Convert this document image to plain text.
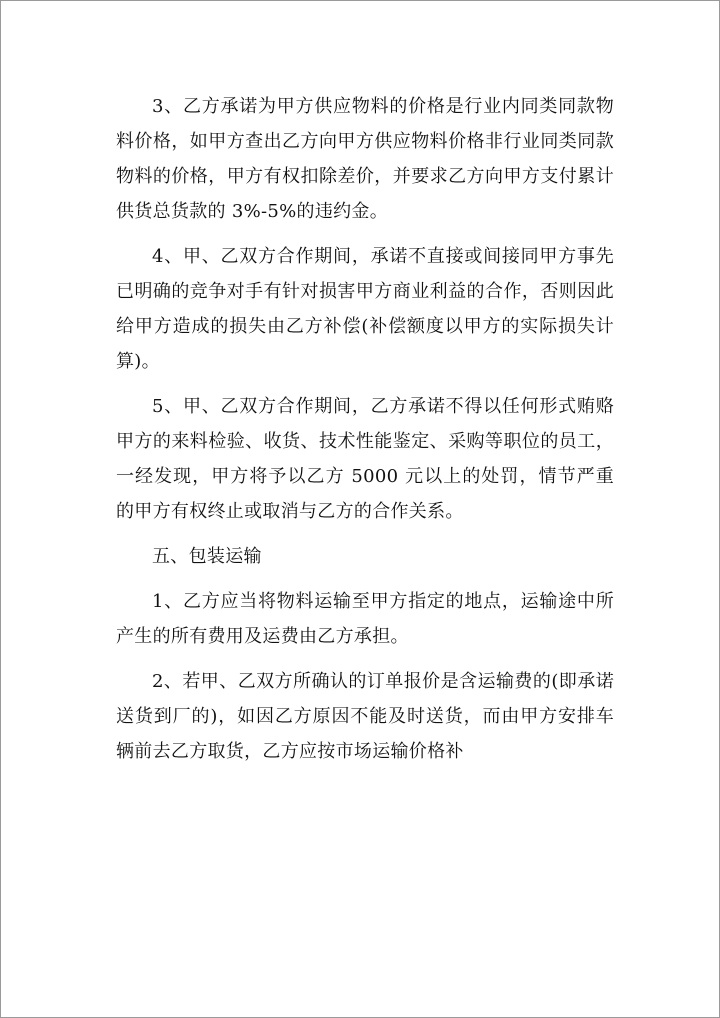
3、乙方承诺为甲方供应物料的价格是行业内同类同款物料价格，如甲方查出乙方向甲方供应物料价格非行业同类同款物料的价格，甲方有权扣除差价，并要求乙方向甲方支付累计供货总货款的 3%-5%的违约金。

4、甲、乙双方合作期间，承诺不直接或间接同甲方事先已明确的竞争对手有针对损害甲方商业利益的合作，否则因此给甲方造成的损失由乙方补偿(补偿额度以甲方的实际损失计算)。

5、甲、乙双方合作期间，乙方承诺不得以任何形式贿赂甲方的来料检验、收货、技术性能鉴定、采购等职位的员工，一经发现，甲方将予以乙方 5000 元以上的处罚，情节严重的甲方有权终止或取消与乙方的合作关系。

五、包装运输

1、乙方应当将物料运输至甲方指定的地点，运输途中所产生的所有费用及运费由乙方承担。

2、若甲、乙双方所确认的订单报价是含运输费的(即承诺送货到厂的)，如因乙方原因不能及时送货，而由甲方安排车辆前去乙方取货，乙方应按市场运输价格补
